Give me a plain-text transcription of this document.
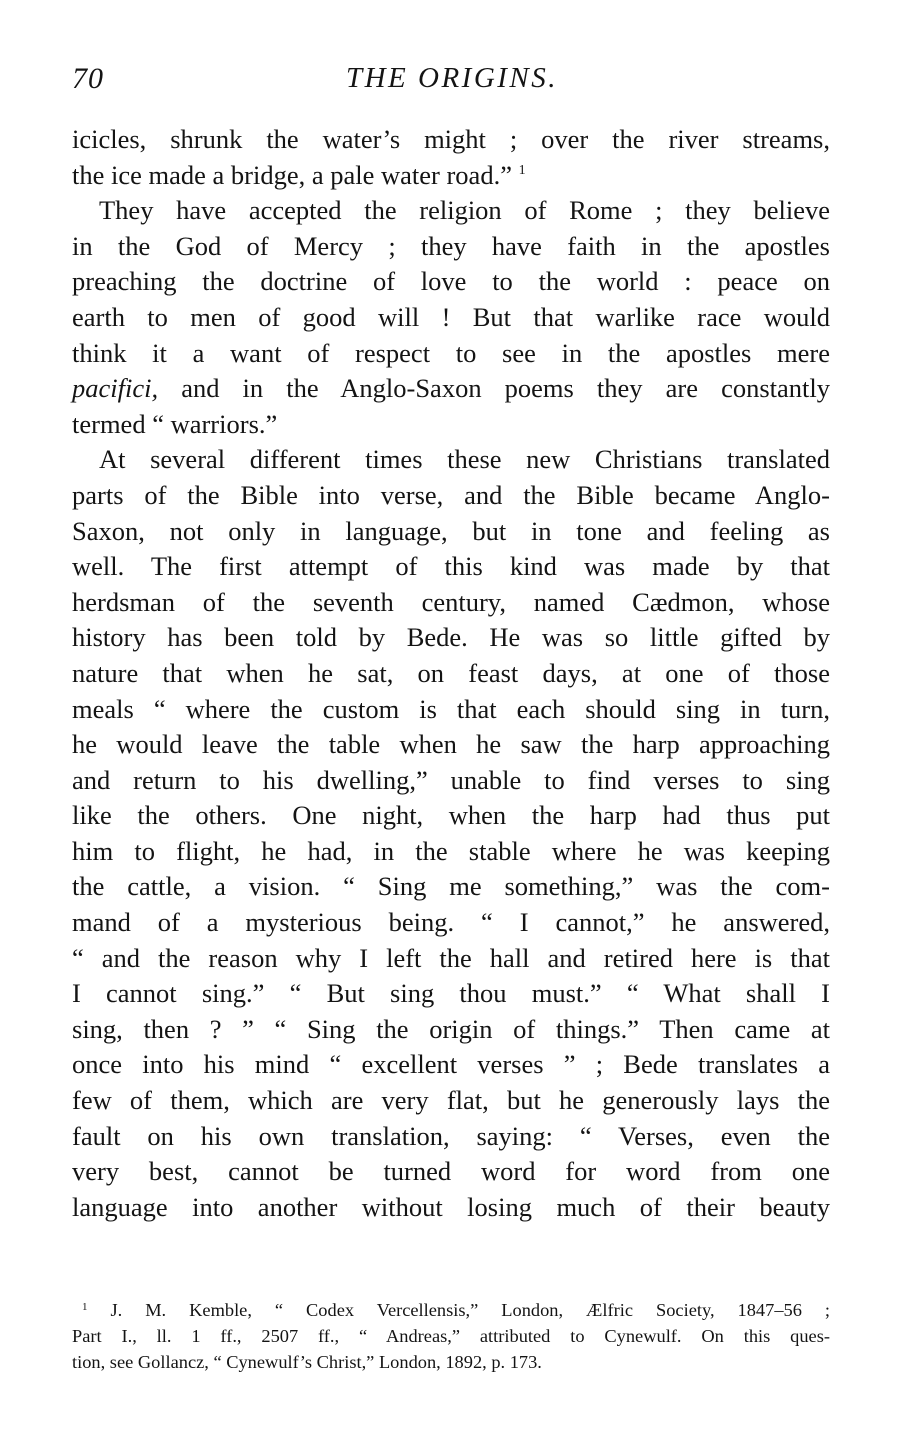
70	THE ORIGINS.
icicles, shrunk the water’s might ; over the river streams,
the ice made a bridge, a pale water road.” $^1$
They have accepted the religion of Rome ; they believe
in the God of Mercy ; they have faith in the apostles
preaching the doctrine of love to the world : peace on
earth to men of good will ! But that warlike race would
think it a want of respect to see in the apostles mere
pacifici, and in the Anglo-Saxon poems they are constantly
termed “ warriors.”
At several different times these new Christians translated
parts of the Bible into verse, and the Bible became Anglo-
Saxon, not only in language, but in tone and feeling as
well. The first attempt of this kind was made by that
herdsman of the seventh century, named Cædmon, whose
history has been told by Bede. He was so little gifted by
nature that when he sat, on feast days, at one of those
meals “ where the custom is that each should sing in turn,
he would leave the table when he saw the harp approaching
and return to his dwelling,” unable to find verses to sing
like the others. One night, when the harp had thus put
him to flight, he had, in the stable where he was keeping
the cattle, a vision. “ Sing me something,” was the com-
mand of a mysterious being. “ I cannot,” he answered,
“ and the reason why I left the hall and retired here is that
I cannot sing.” “ But sing thou must.” “ What shall I
sing, then ? ” “ Sing the origin of things.” Then came at
once into his mind “ excellent verses ” ; Bede translates a
few of them, which are very flat, but he generously lays the
fault on his own translation, saying: “ Verses, even the
very best, cannot be turned word for word from one
language into another without losing much of their beauty
$^1$ J. M. Kemble, “ Codex Vercellensis,” London, Ælfric Society, 1847–56 ;
Part I., ll. 1 ff., 2507 ff., “ Andreas,” attributed to Cynewulf. On this ques-
tion, see Gollancz, “ Cynewulf’s Christ,” London, 1892, p. 173.
